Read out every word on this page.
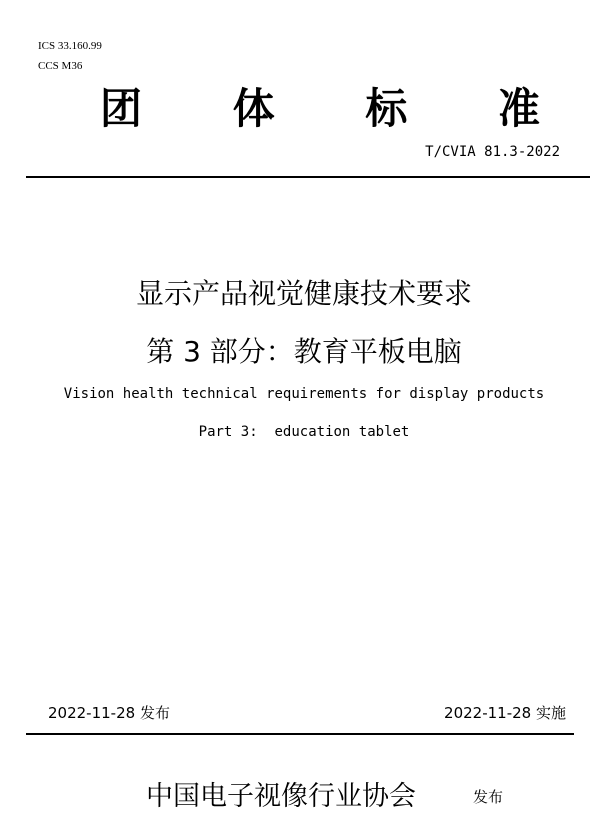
ICS 33.160.99
CCS M36
团 体 标 准
T/CVIA 81.3-2022
显示产品视觉健康技术要求
第 3 部分：教育平板电脑
Vision health technical requirements for display products
Part 3:  education tablet
2022-11-28 发布	2022-11-28 实施
中国电子视像行业协会	发布
